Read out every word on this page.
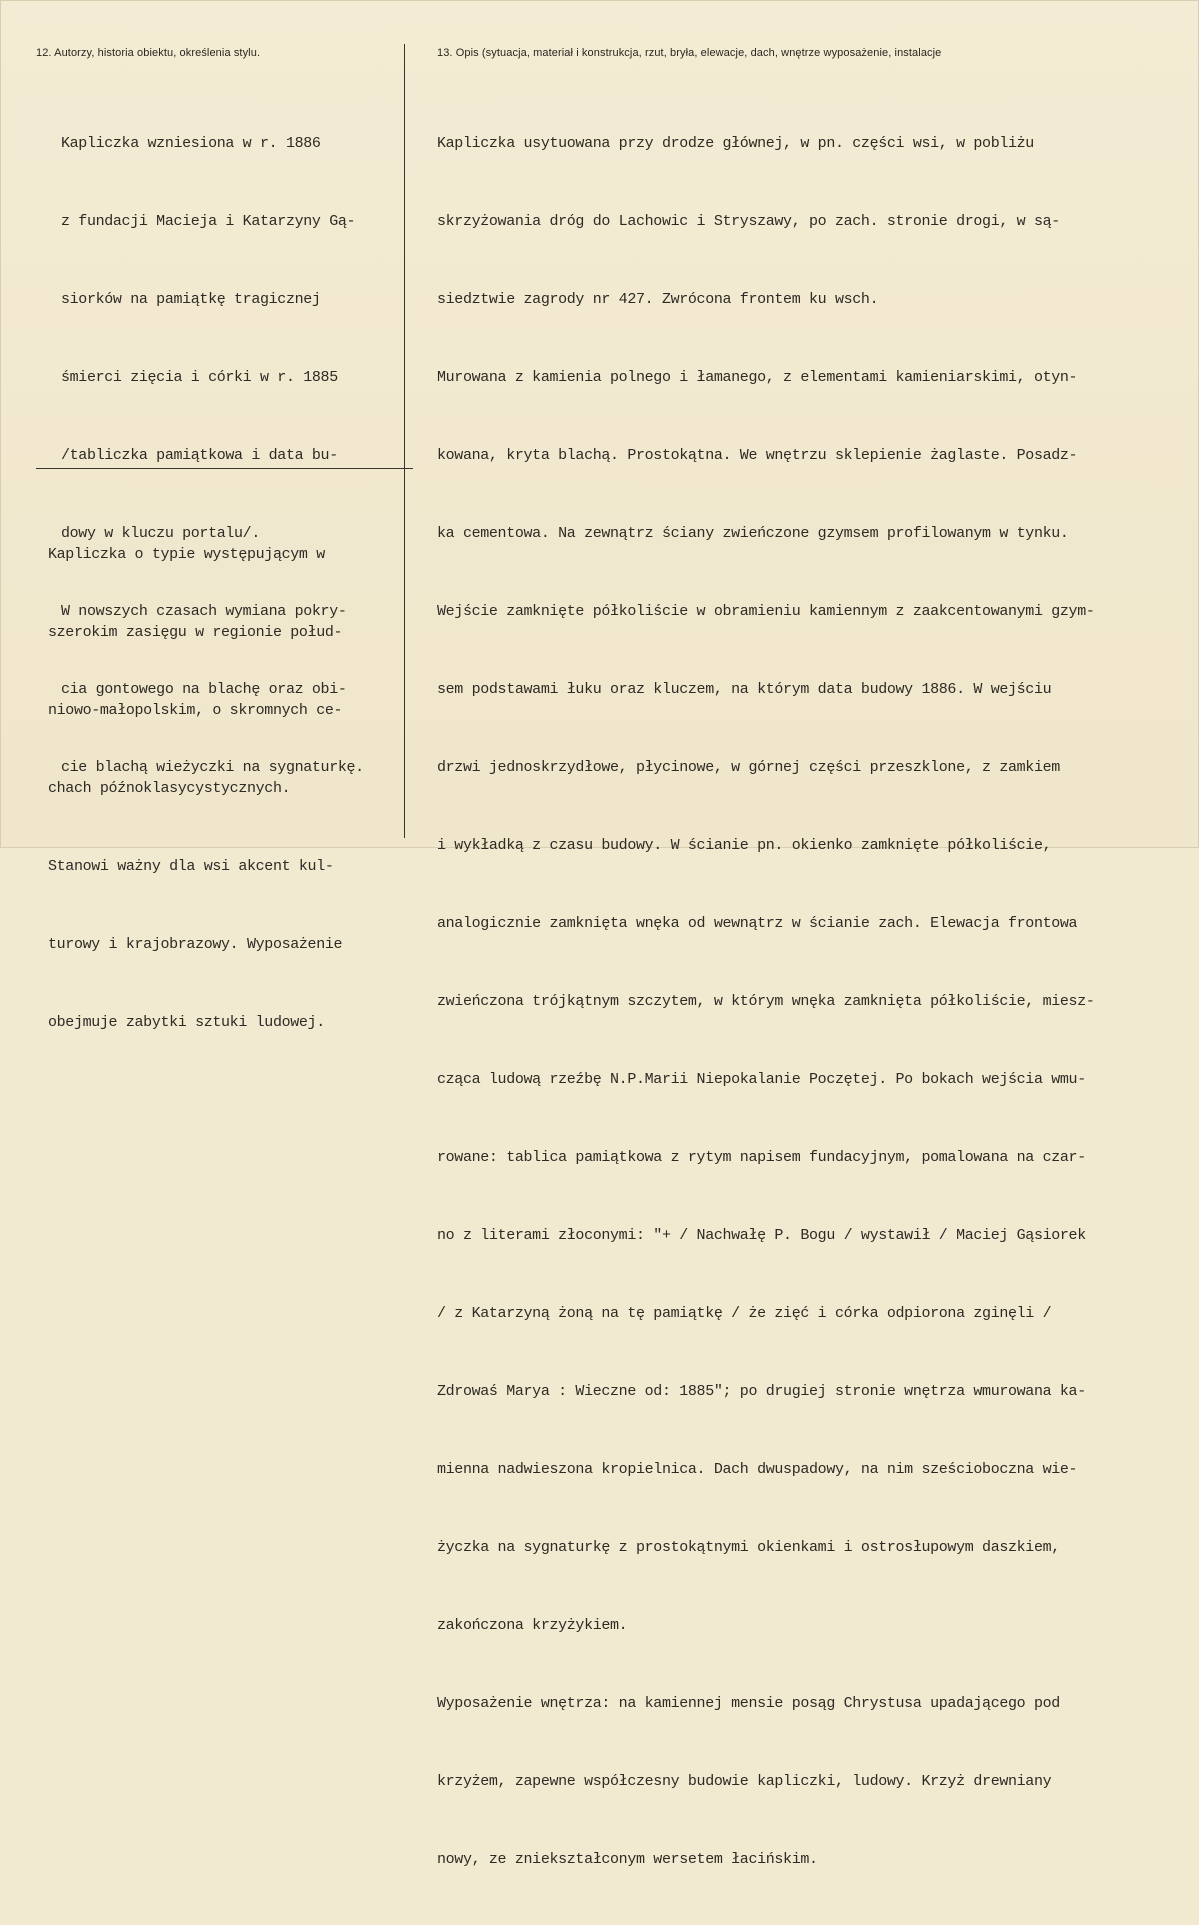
12. Autorzy, historia obiektu, określenia stylu.	13. Opis (sytuacja, materiał i konstrukcja, rzut, bryła, elewacje, dach, wnętrze wyposażenie, instalacje

Kapliczka wzniesiona w r. 1886

z fundacji Macieja i Katarzyny Gą-

siorków na pamiątkę tragicznej

śmierci zięcia i córki w r. 1885

/tabliczka pamiątkowa i data bu-

dowy w kluczu portalu/.

W nowszych czasach wymiana pokry-

cia gontowego na blachę oraz obi-

cie blachą wieżyczki na sygnaturkę.

Kapliczka o typie występującym w

szerokim zasięgu w regionie połud-

niowo-małopolskim, o skromnych ce-

chach późnoklasycystycznych.

Stanowi ważny dla wsi akcent kul-

turowy i krajobrazowy. Wyposażenie

obejmuje zabytki sztuki ludowej.

Kapliczka usytuowana przy drodze głównej, w pn. części wsi, w pobliżu

skrzyżowania dróg do Lachowic i Stryszawy, po zach. stronie drogi, w są-

siedztwie zagrody nr 427. Zwrócona frontem ku wsch.

Murowana z kamienia polnego i łamanego, z elementami kamieniarskimi, otyn-

kowana, kryta blachą. Prostokątna. We wnętrzu sklepienie żaglaste. Posadz-

ka cementowa. Na zewnątrz ściany zwieńczone gzymsem profilowanym w tynku.

Wejście zamknięte półkoliście w obramieniu kamiennym z zaakcentowanymi gzym-

sem podstawami łuku oraz kluczem, na którym data budowy 1886. W wejściu

drzwi jednoskrzydłowe, płycinowe, w górnej części przeszklone, z zamkiem

i wykładką z czasu budowy. W ścianie pn. okienko zamknięte półkoliście,

analogicznie zamknięta wnęka od wewnątrz w ścianie zach. Elewacja frontowa

zwieńczona trójkątnym szczytem, w którym wnęka zamknięta półkoliście, miesz-

cząca ludową rzeźbę N.P.Marii Niepokalanie Poczętej. Po bokach wejścia wmu-

rowane: tablica pamiątkowa z rytym napisem fundacyjnym, pomalowana na czar-

no z literami złoconymi: "+ / Nachwałę P. Bogu / wystawił / Maciej Gąsiorek

/ z Katarzyną żoną na tę pamiątkę / że zięć i córka odpiorona zginęli /

Zdrowaś Marya : Wieczne od: 1885"; po drugiej stronie wnętrza wmurowana ka-

mienna nadwieszona kropielnica. Dach dwuspadowy, na nim sześcioboczna wie-

życzka na sygnaturkę z prostokątnymi okienkami i ostrosłupowym daszkiem,

zakończona krzyżykiem.

Wyposażenie wnętrza: na kamiennej mensie posąg Chrystusa upadającego pod

krzyżem, zapewne współczesny budowie kapliczki, ludowy. Krzyż drewniany

nowy, ze zniekształconym wersetem łacińskim.
